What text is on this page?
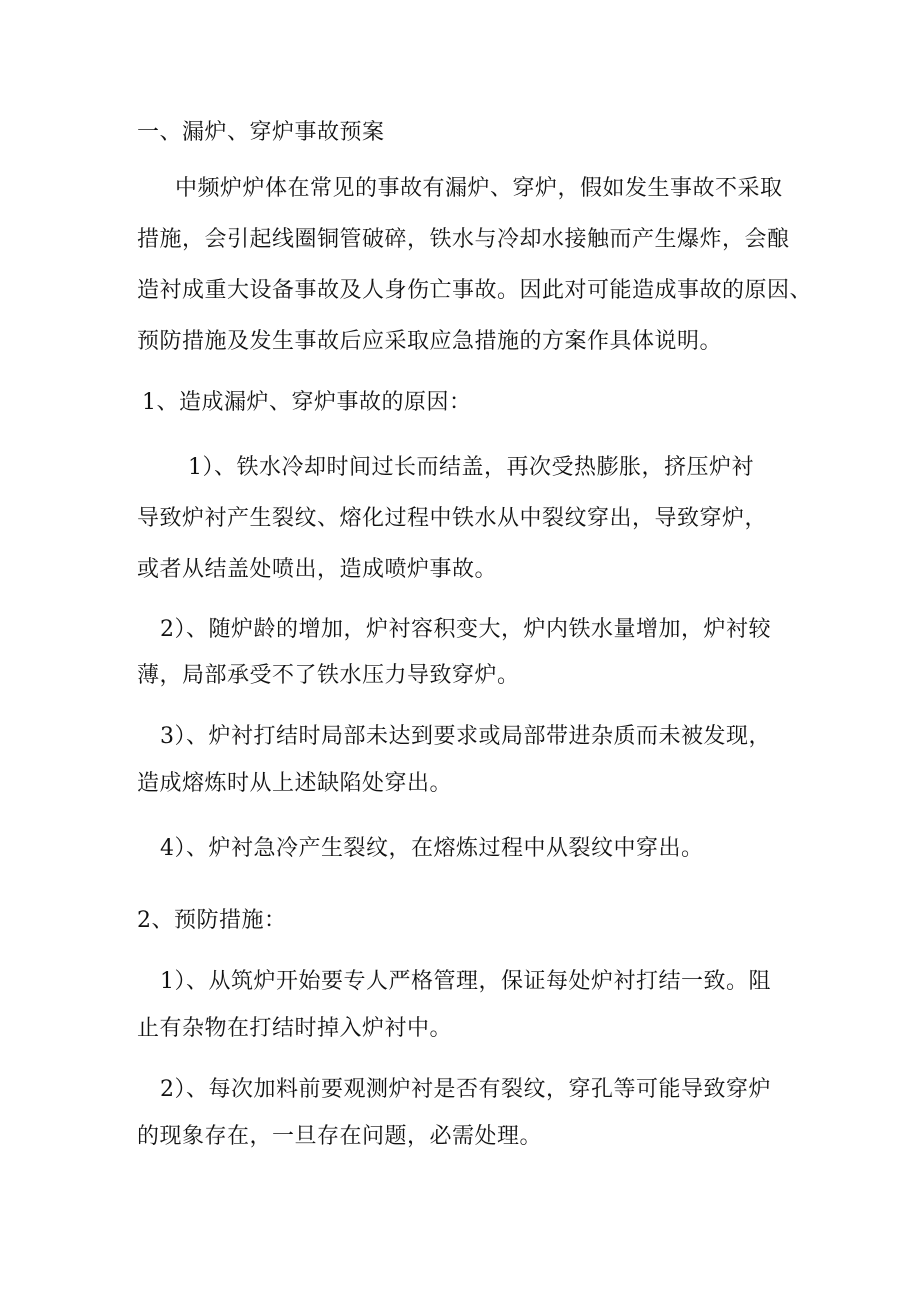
一、漏炉、穿炉事故预案
中频炉炉体在常见的事故有漏炉、穿炉，假如发生事故不采取
措施，会引起线圈铜管破碎，铁水与冷却水接触而产生爆炸，会酿
造衬成重大设备事故及人身伤亡事故。因此对可能造成事故的原因、
预防措施及发生事故后应采取应急措施的方案作具体说明。
1、造成漏炉、穿炉事故的原因：
1）、铁水冷却时间过长而结盖，再次受热膨胀，挤压炉衬
导致炉衬产生裂纹、熔化过程中铁水从中裂纹穿出，导致穿炉，
或者从结盖处喷出，造成喷炉事故。
2）、随炉龄的增加，炉衬容积变大，炉内铁水量增加，炉衬较
薄，局部承受不了铁水压力导致穿炉。
3）、炉衬打结时局部未达到要求或局部带进杂质而未被发现，
造成熔炼时从上述缺陷处穿出。
4）、炉衬急冷产生裂纹，在熔炼过程中从裂纹中穿出。
2、预防措施：
1）、从筑炉开始要专人严格管理，保证每处炉衬打结一致。阻
止有杂物在打结时掉入炉衬中。
2）、每次加料前要观测炉衬是否有裂纹，穿孔等可能导致穿炉
的现象存在，一旦存在问题，必需处理。
